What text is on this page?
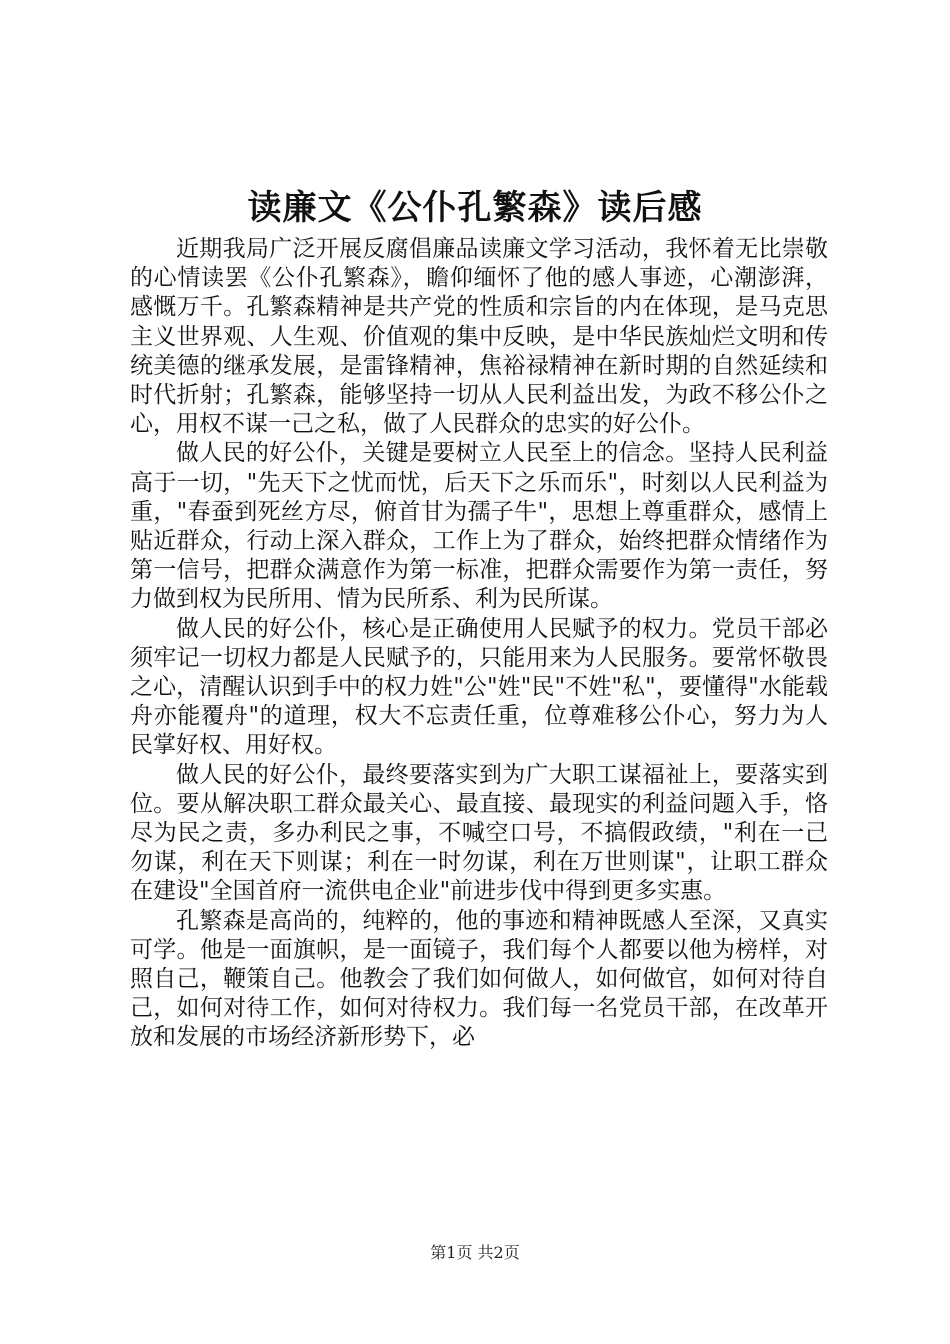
读廉文《公仆孔繁森》读后感

近期我局广泛开展反腐倡廉品读廉文学习活动，我怀着无比崇敬的心情读罢《公仆孔繁森》，瞻仰缅怀了他的感人事迹，心潮澎湃，感慨万千。孔繁森精神是共产党的性质和宗旨的内在体现，是马克思主义世界观、人生观、价值观的集中反映，是中华民族灿烂文明和传统美德的继承发展，是雷锋精神，焦裕禄精神在新时期的自然延续和时代折射；孔繁森，能够坚持一切从人民利益出发，为政不移公仆之心，用权不谋一己之私，做了人民群众的忠实的好公仆。

做人民的好公仆，关键是要树立人民至上的信念。坚持人民利益高于一切，"先天下之忧而忧，后天下之乐而乐"，时刻以人民利益为重，"春蚕到死丝方尽，俯首甘为孺子牛"，思想上尊重群众，感情上贴近群众，行动上深入群众，工作上为了群众，始终把群众情绪作为第一信号，把群众满意作为第一标准，把群众需要作为第一责任，努力做到权为民所用、情为民所系、利为民所谋。

做人民的好公仆，核心是正确使用人民赋予的权力。党员干部必须牢记一切权力都是人民赋予的，只能用来为人民服务。要常怀敬畏之心，清醒认识到手中的权力姓"公"姓"民"不姓"私"，要懂得"水能载舟亦能覆舟"的道理，权大不忘责任重，位尊难移公仆心，努力为人民掌好权、用好权。

做人民的好公仆，最终要落实到为广大职工谋福祉上，要落实到位。要从解决职工群众最关心、最直接、最现实的利益问题入手，恪尽为民之责，多办利民之事，不喊空口号，不搞假政绩，"利在一己勿谋，利在天下则谋；利在一时勿谋，利在万世则谋"，让职工群众在建设"全国首府一流供电企业"前进步伐中得到更多实惠。

孔繁森是高尚的，纯粹的，他的事迹和精神既感人至深，又真实可学。他是一面旗帜，是一面镜子，我们每个人都要以他为榜样，对照自己，鞭策自己。他教会了我们如何做人，如何做官，如何对待自己，如何对待工作，如何对待权力。我们每一名党员干部，在改革开放和发展的市场经济新形势下，必

第1页 共2页
